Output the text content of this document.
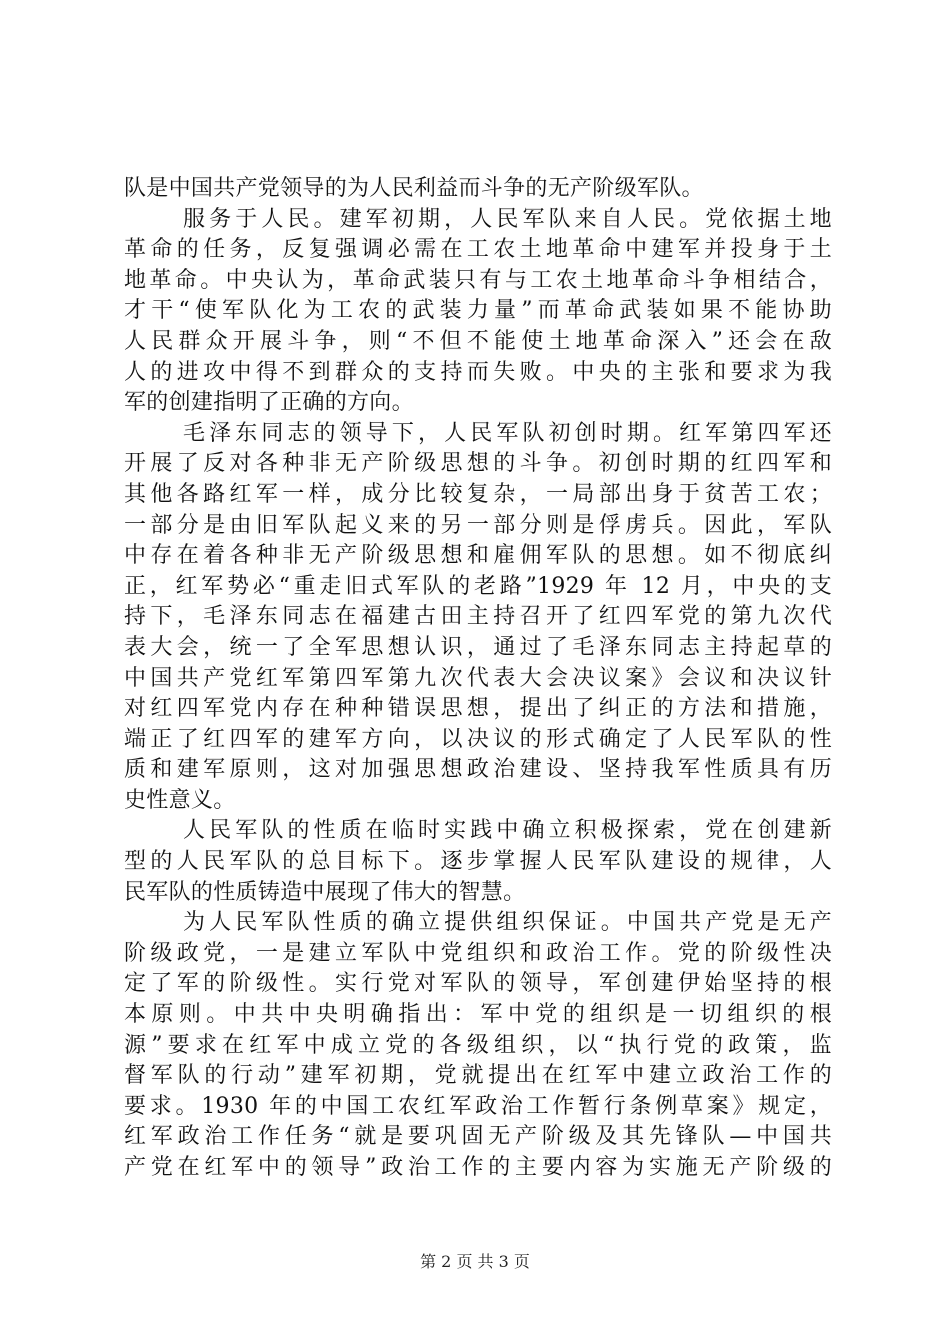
队是中国共产党领导的为人民利益而斗争的无产阶级军队。
服务于人民。建军初期，人民军队来自人民。党依据土地
革命的任务，反复强调必需在工农土地革命中建军并投身于土
地革命。中央认为，革命武装只有与工农土地革命斗争相结合，
才干“使军队化为工农的武装力量”而革命武装如果不能协助
人民群众开展斗争，则“不但不能使土地革命深入”还会在敌
人的进攻中得不到群众的支持而失败。中央的主张和要求为我
军的创建指明了正确的方向。
毛泽东同志的领导下，人民军队初创时期。红军第四军还
开展了反对各种非无产阶级思想的斗争。初创时期的红四军和
其他各路红军一样，成分比较复杂，一局部出身于贫苦工农；
一部分是由旧军队起义来的另一部分则是俘虏兵。因此，军队
中存在着各种非无产阶级思想和雇佣军队的思想。如不彻底纠
正，红军势必“重走旧式军队的老路”1929 年 12 月，中央的支
持下，毛泽东同志在福建古田主持召开了红四军党的第九次代
表大会，统一了全军思想认识，通过了毛泽东同志主持起草的
中国共产党红军第四军第九次代表大会决议案》会议和决议针
对红四军党内存在种种错误思想，提出了纠正的方法和措施，
端正了红四军的建军方向，以决议的形式确定了人民军队的性
质和建军原则，这对加强思想政治建设、坚持我军性质具有历
史性意义。
人民军队的性质在临时实践中确立积极探索，党在创建新
型的人民军队的总目标下。逐步掌握人民军队建设的规律，人
民军队的性质铸造中展现了伟大的智慧。
为人民军队性质的确立提供组织保证。中国共产党是无产
阶级政党，一是建立军队中党组织和政治工作。党的阶级性决
定了军的阶级性。实行党对军队的领导，军创建伊始坚持的根
本原则。中共中央明确指出：军中党的组织是一切组织的根
源”要求在红军中成立党的各级组织，以“执行党的政策，监
督军队的行动”建军初期，党就提出在红军中建立政治工作的
要求。1930 年的中国工农红军政治工作暂行条例草案》规定，
红军政治工作任务“就是要巩固无产阶级及其先锋队—中国共
产党在红军中的领导”政治工作的主要内容为实施无产阶级的
第 2 页 共 3 页
